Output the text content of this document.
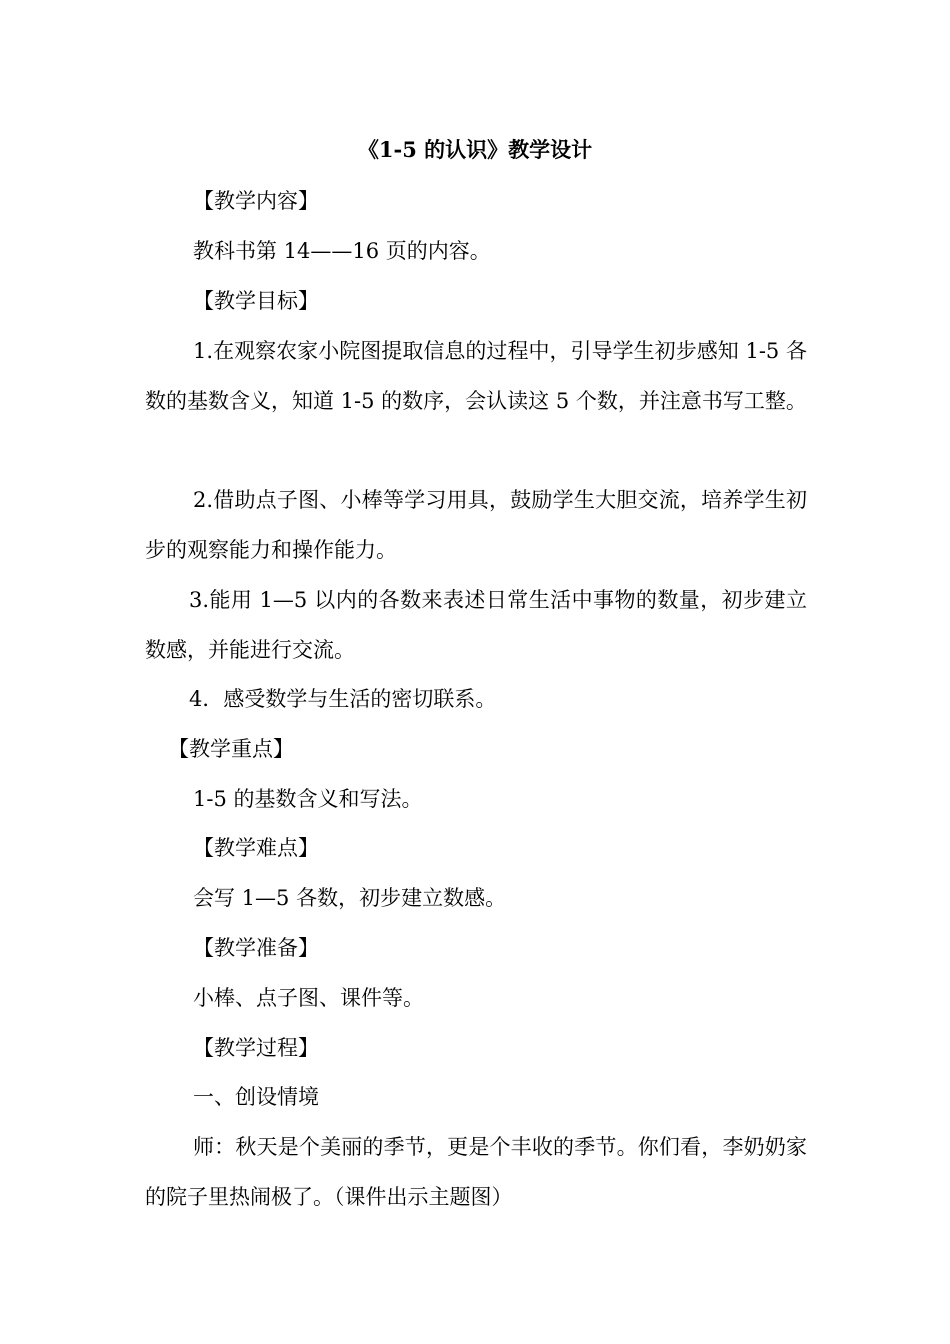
《1-5 的认识》教学设计
【教学内容】
教科书第 14——16 页的内容。
【教学目标】
1.在观察农家小院图提取信息的过程中，引导学生初步感知 1-5 各数的基数含义，知道 1-5 的数序，会认读这 5 个数，并注意书写工整。
2.借助点子图、小棒等学习用具，鼓励学生大胆交流，培养学生初步的观察能力和操作能力。
3.能用 1—5 以内的各数来表述日常生活中事物的数量，初步建立数感，并能进行交流。
4．感受数学与生活的密切联系。
【教学重点】
1-5 的基数含义和写法。
【教学难点】
会写 1—5 各数，初步建立数感。
【教学准备】
小棒、点子图、课件等。
【教学过程】
一、创设情境
师：秋天是个美丽的季节，更是个丰收的季节。你们看，李奶奶家的院子里热闹极了。（课件出示主题图）
